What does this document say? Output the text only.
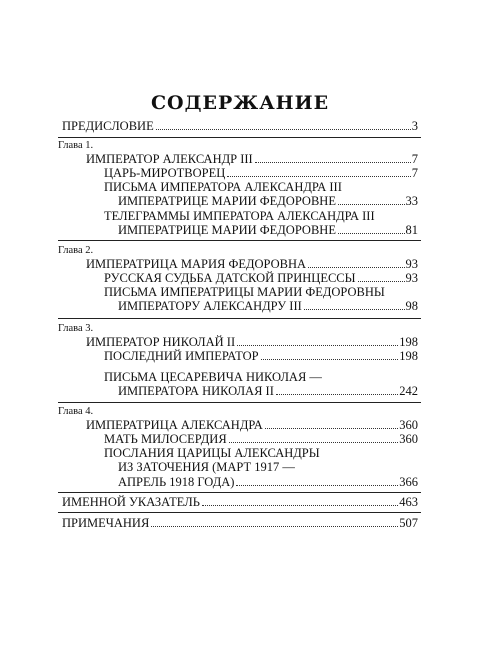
СОДЕРЖАНИЕ
ПРЕДИСЛОВИЕ	3
Глава 1.
ИМПЕРАТОР АЛЕКСАНДР III	7
ЦАРЬ-МИРОТВОРЕЦ	7
ПИСЬМА ИМПЕРАТОРА АЛЕКСАНДРА III
ИМПЕРАТРИЦЕ МАРИИ ФЕДОРОВНЕ	33
ТЕЛЕГРАММЫ ИМПЕРАТОРА АЛЕКСАНДРА III
ИМПЕРАТРИЦЕ МАРИИ ФЕДОРОВНЕ	81
Глава 2.
ИМПЕРАТРИЦА МАРИЯ ФЕДОРОВНА	93
РУССКАЯ СУДЬБА ДАТСКОЙ ПРИНЦЕССЫ	93
ПИСЬМА ИМПЕРАТРИЦЫ МАРИИ ФЕДОРОВНЫ
ИМПЕРАТОРУ АЛЕКСАНДРУ III	98
Глава 3.
ИМПЕРАТОР НИКОЛАЙ II	198
ПОСЛЕДНИЙ ИМПЕРАТОР	198
ПИСЬМА ЦЕСАРЕВИЧА НИКОЛАЯ —
ИМПЕРАТОРА НИКОЛАЯ II	242
Глава 4.
ИМПЕРАТРИЦА АЛЕКСАНДРА	360
МАТЬ МИЛОСЕРДИЯ	360
ПОСЛАНИЯ ЦАРИЦЫ АЛЕКСАНДРЫ
ИЗ ЗАТОЧЕНИЯ (МАРТ 1917 —
АПРЕЛЬ 1918 ГОДА)	366
ИМЕННОЙ УКАЗАТЕЛЬ	463
ПРИМЕЧАНИЯ	507
